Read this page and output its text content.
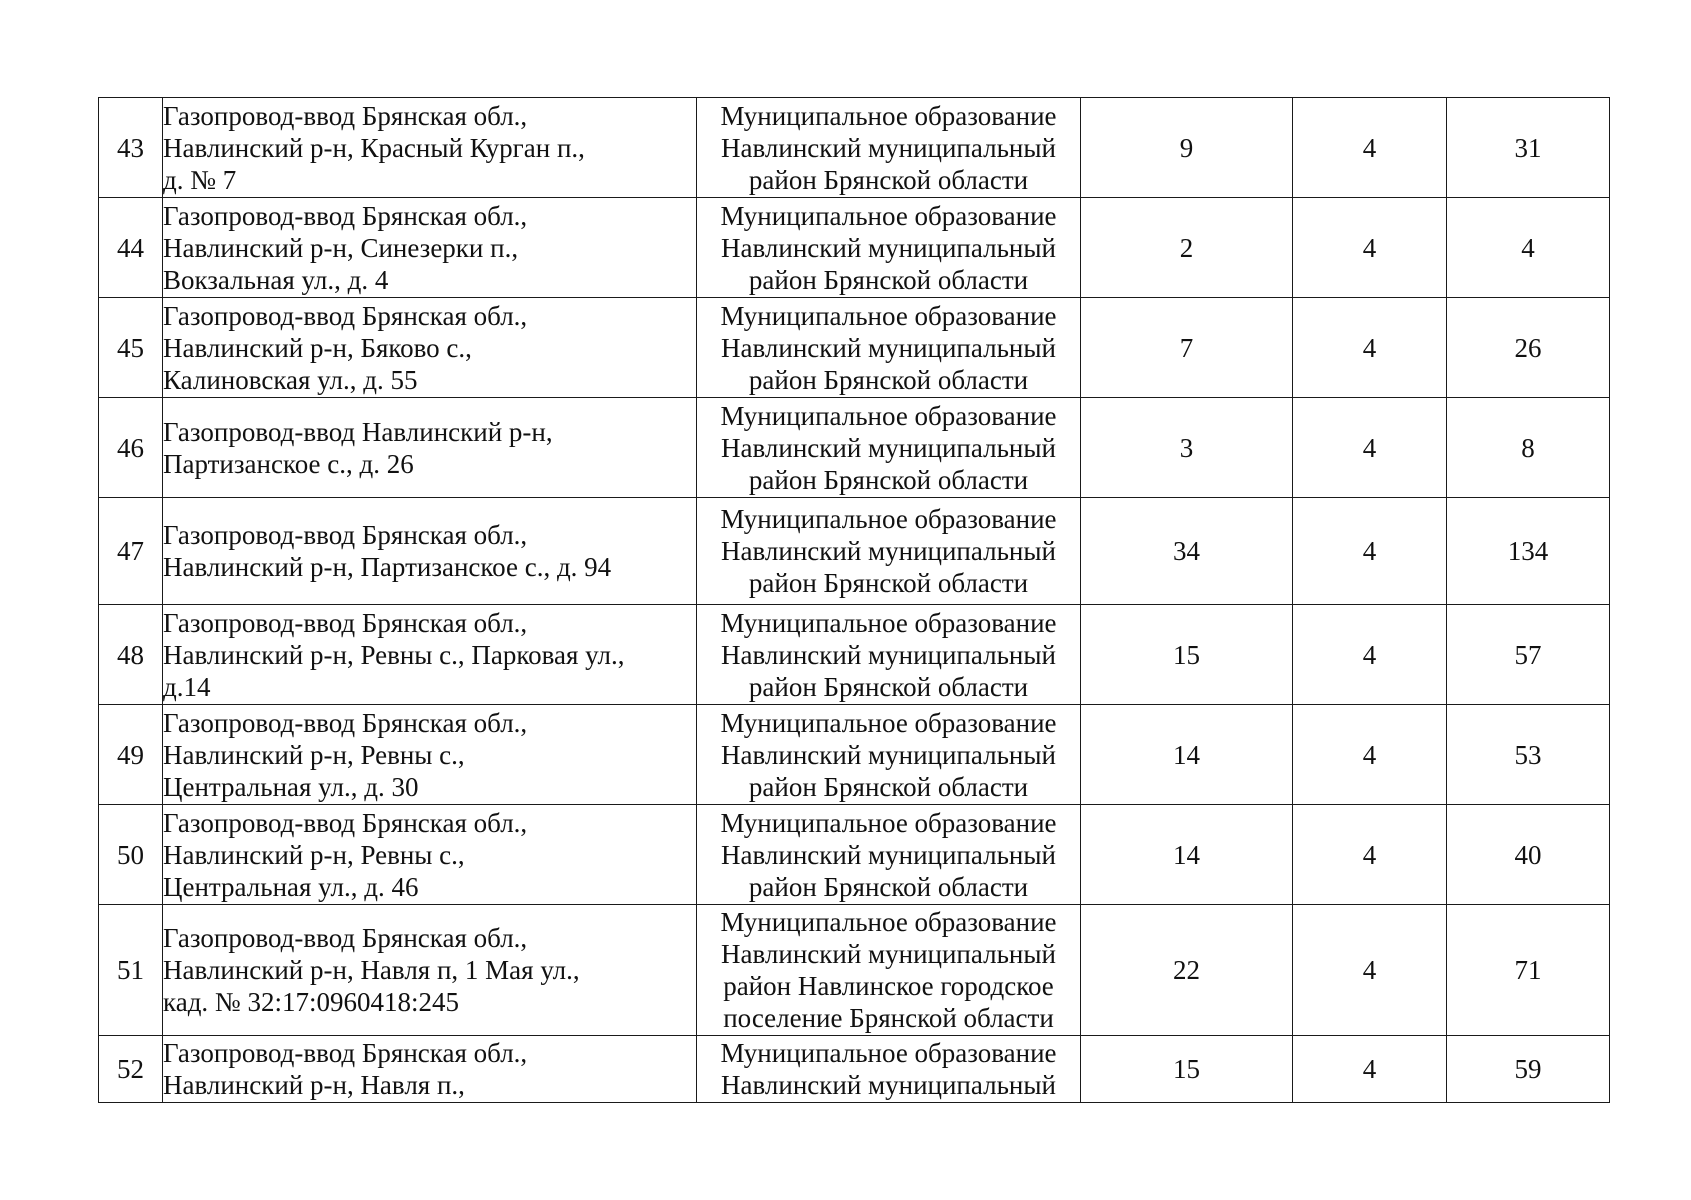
43	Газопровод-ввод Брянская обл.,
Навлинский р-н, Красный Курган п.,
д. № 7	Муниципальное образование
Навлинский муниципальный
район Брянской области	9	4	31
44	Газопровод-ввод Брянская обл.,
Навлинский р-н, Синезерки п.,
Вокзальная ул., д. 4	Муниципальное образование
Навлинский муниципальный
район Брянской области	2	4	4
45	Газопровод-ввод Брянская обл.,
Навлинский р-н, Бяково с.,
Калиновская ул., д. 55	Муниципальное образование
Навлинский муниципальный
район Брянской области	7	4	26
46	Газопровод-ввод Навлинский р-н,
Партизанское с., д. 26	Муниципальное образование
Навлинский муниципальный
район Брянской области	3	4	8
47	Газопровод-ввод Брянская обл.,
Навлинский р-н, Партизанское с., д. 94	Муниципальное образование
Навлинский муниципальный
район Брянской области	34	4	134
48	Газопровод-ввод Брянская обл.,
Навлинский р-н, Ревны с., Парковая ул.,
д.14	Муниципальное образование
Навлинский муниципальный
район Брянской области	15	4	57
49	Газопровод-ввод Брянская обл.,
Навлинский р-н, Ревны с.,
Центральная ул., д. 30	Муниципальное образование
Навлинский муниципальный
район Брянской области	14	4	53
50	Газопровод-ввод Брянская обл.,
Навлинский р-н, Ревны с.,
Центральная ул., д. 46	Муниципальное образование
Навлинский муниципальный
район Брянской области	14	4	40
51	Газопровод-ввод Брянская обл.,
Навлинский р-н, Навля п, 1 Мая ул.,
кад. № 32:17:0960418:245	Муниципальное образование
Навлинский муниципальный
район Навлинское городское
поселение Брянской области	22	4	71
52	Газопровод-ввод Брянская обл.,
Навлинский р-н, Навля п.,	Муниципальное образование
Навлинский муниципальный	15	4	59
